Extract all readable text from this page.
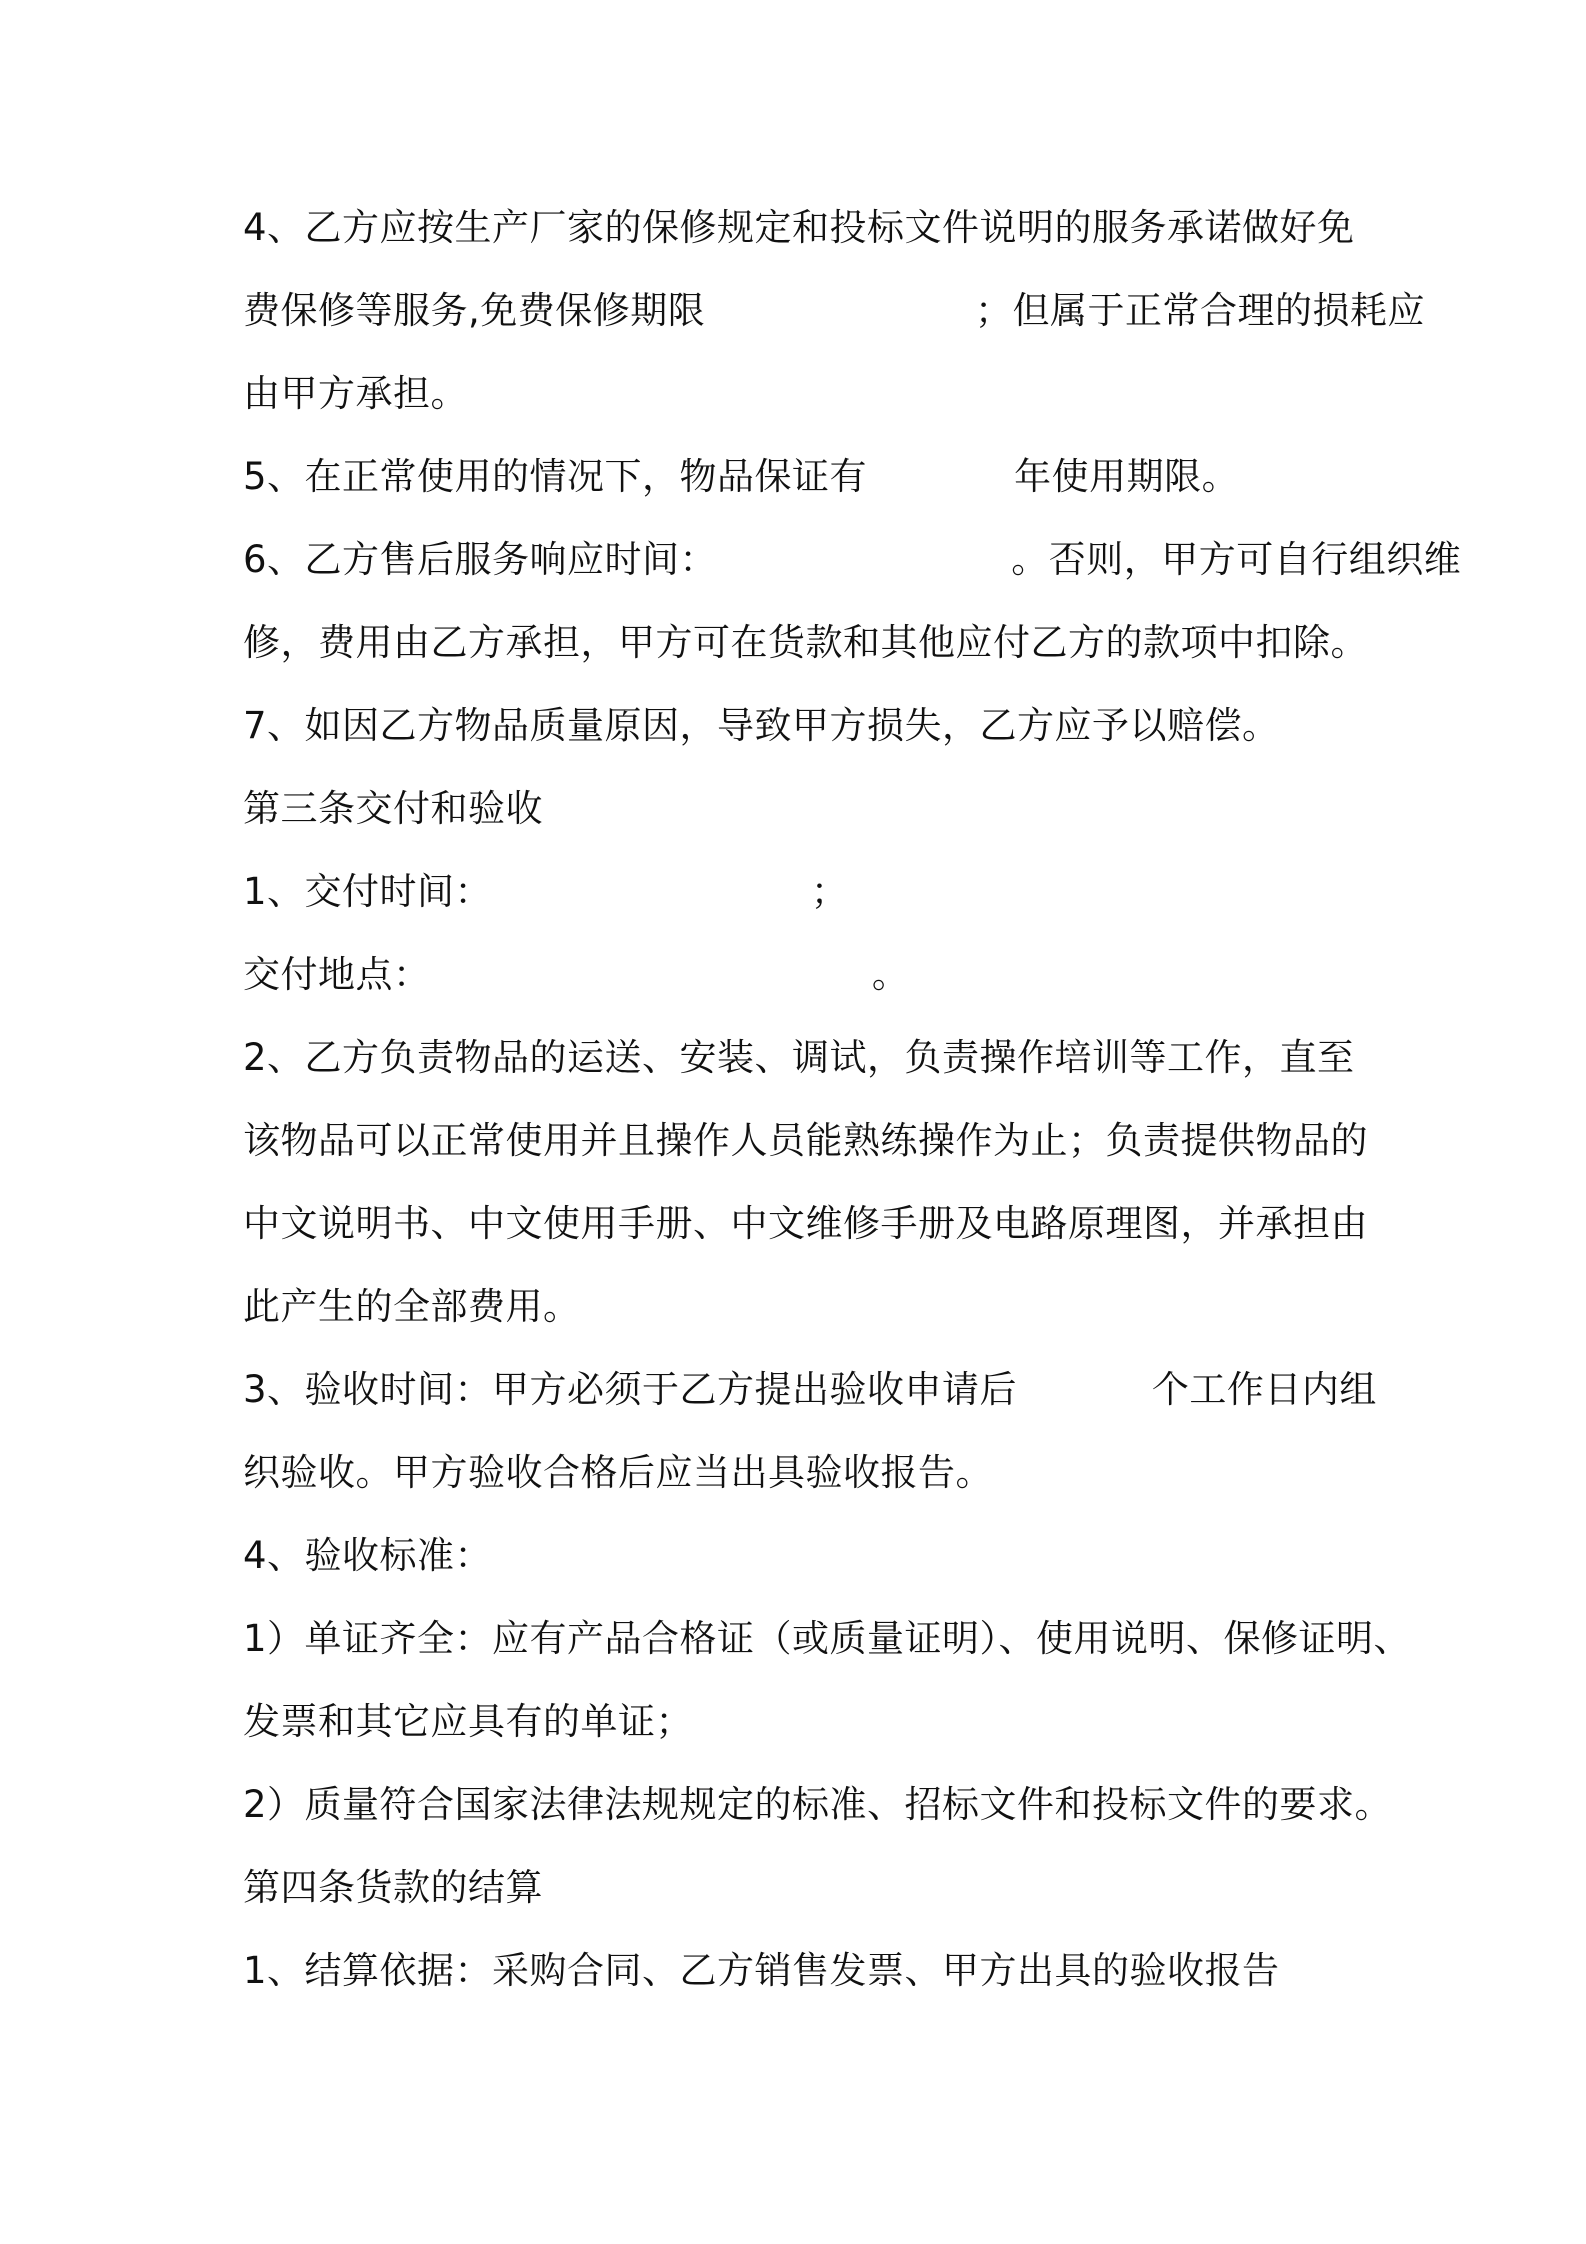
4、乙方应按生产厂家的保修规定和投标文件说明的服务承诺做好免
费保修等服务,免费保修期限                      ；但属于正常合理的损耗应
由甲方承担。
5、在正常使用的情况下，物品保证有            年使用期限。
6、乙方售后服务响应时间：                        。否则，甲方可自行组织维
修，费用由乙方承担，甲方可在货款和其他应付乙方的款项中扣除。
7、如因乙方物品质量原因，导致甲方损失，乙方应予以赔偿。
第三条交付和验收
1、交付时间：                          ；
交付地点：                                    。
2、乙方负责物品的运送、安装、调试，负责操作培训等工作，直至
该物品可以正常使用并且操作人员能熟练操作为止；负责提供物品的
中文说明书、中文使用手册、中文维修手册及电路原理图，并承担由
此产生的全部费用。
3、验收时间：甲方必须于乙方提出验收申请后           个工作日内组
织验收。甲方验收合格后应当出具验收报告。
4、验收标准：
1）单证齐全：应有产品合格证（或质量证明）、使用说明、保修证明、
发票和其它应具有的单证；
2）质量符合国家法律法规规定的标准、招标文件和投标文件的要求。
第四条货款的结算
1、结算依据：采购合同、乙方销售发票、甲方出具的验收报告
